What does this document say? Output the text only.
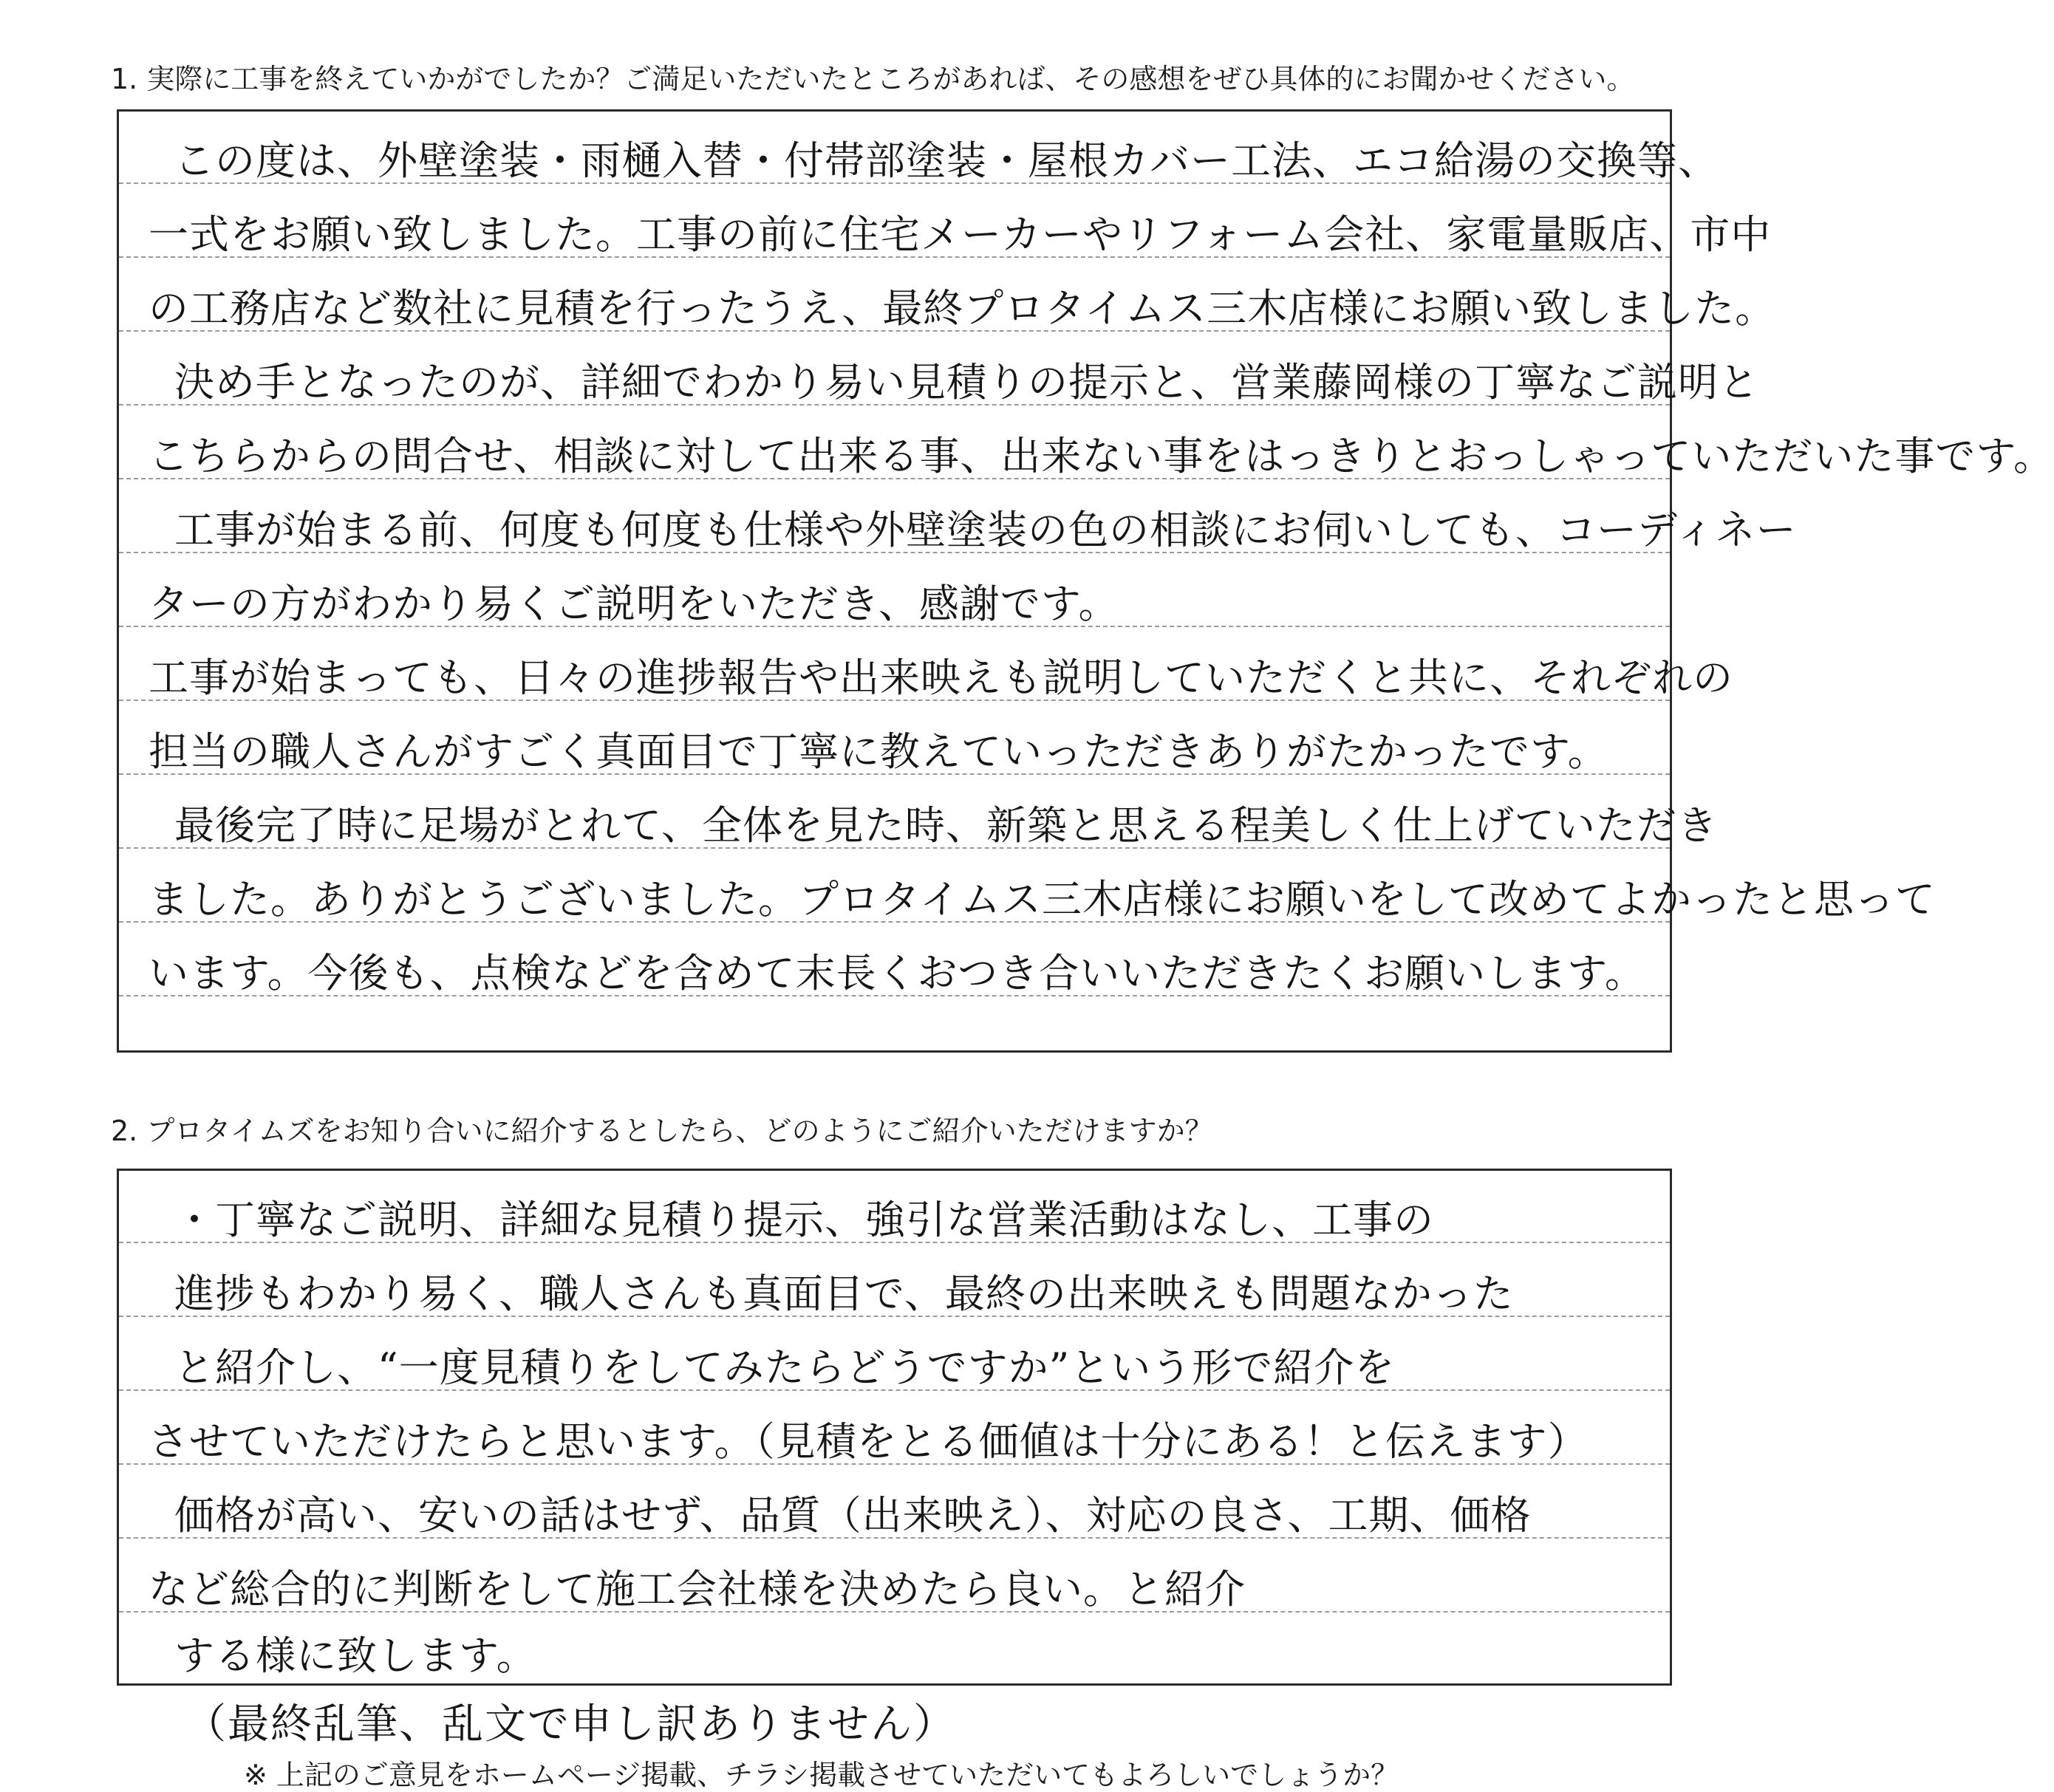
1. 実際に工事を終えていかがでしたか？ご満足いただいたところがあれば、その感想をぜひ具体的にお聞かせください。
この度は、外壁塗装・雨樋入替・付帯部塗装・屋根カバー工法、エコ給湯の交換等、
一式をお願い致しました。工事の前に住宅メーカーやリフォーム会社、家電量販店、市中
の工務店など数社に見積を行ったうえ、最終プロタイムス三木店様にお願い致しました。
決め手となったのが、詳細でわかり易い見積りの提示と、営業藤岡様の丁寧なご説明と
こちらからの問合せ、相談に対して出来る事、出来ない事をはっきりとおっしゃっていただいた事です。
工事が始まる前、何度も何度も仕様や外壁塗装の色の相談にお伺いしても、コーディネー
ターの方がわかり易くご説明をいただき、感謝です。
工事が始まっても、日々の進捗報告や出来映えも説明していただくと共に、それぞれの
担当の職人さんがすごく真面目で丁寧に教えていっただきありがたかったです。
最後完了時に足場がとれて、全体を見た時、新築と思える程美しく仕上げていただき
ました。ありがとうございました。プロタイムス三木店様にお願いをして改めてよかったと思って
います。今後も、点検などを含めて末長くおつき合いいただきたくお願いします。
2. プロタイムズをお知り合いに紹介するとしたら、どのようにご紹介いただけますか？
・丁寧なご説明、詳細な見積り提示、強引な営業活動はなし、工事の
進捗もわかり易く、職人さんも真面目で、最終の出来映えも問題なかった
と紹介し、“一度見積りをしてみたらどうですか”という形で紹介を
させていただけたらと思います。（見積をとる価値は十分にある！と伝えます）
価格が高い、安いの話はせず、品質（出来映え）、対応の良さ、工期、価格
など総合的に判断をして施工会社様を決めたら良い。と紹介
する様に致します。
（最終乱筆、乱文で申し訳ありません）
※ 上記のご意見をホームページ掲載、チラシ掲載させていただいてもよろしいでしょうか？
